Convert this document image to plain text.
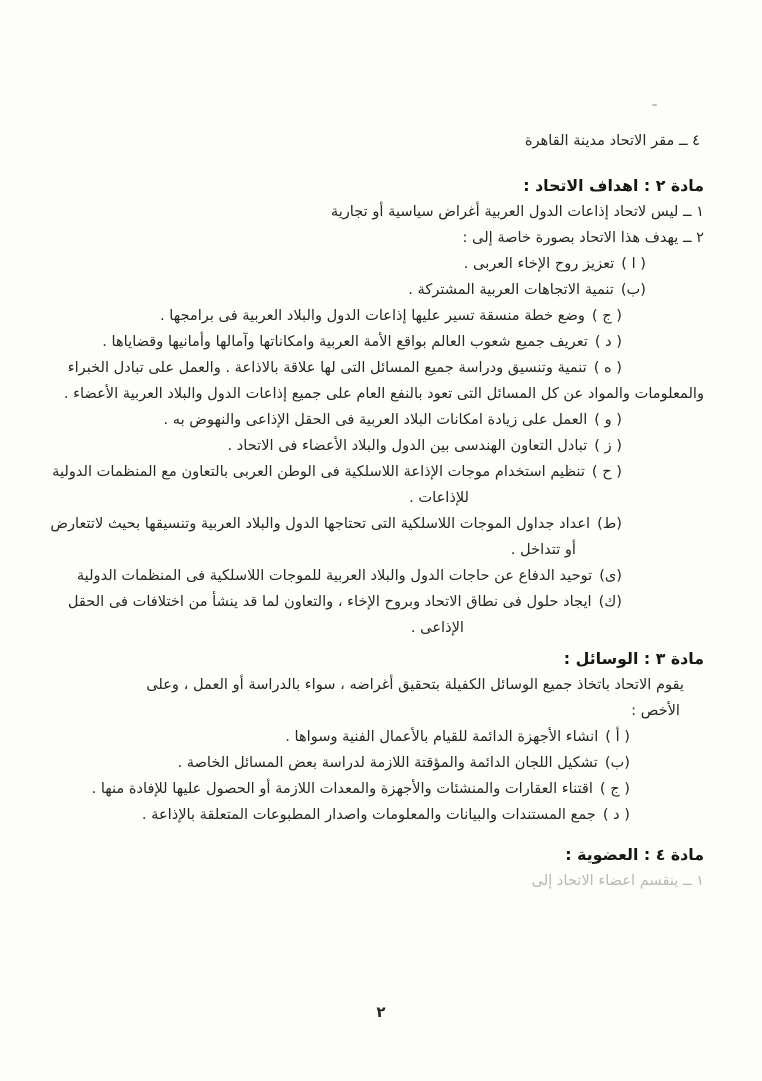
٤ ــ مقر الاتحاد مدينة القاهرة
مادة ٢ : اهداف الاتحاد :
١ ــ ليس لاتحاد إذاعات الدول العربية أغراض سياسية أو تجارية
٢ ــ يهدف هذا الاتحاد بصورة خاصة إلى :
( ا )تعزيز روح الإخاء العربى .
(ب)تنمية الاتجاهات العربية المشتركة .
( ج )وضع خطة منسقة تسير عليها إذاعات الدول والبلاد العربية فى برامجها .
( د )تعريف جميع شعوب العالم بواقع الأمة العربية وامكاناتها وآمالها وأمانيها وقضاياها .
( ه )تنمية وتنسيق ودراسة جميع المسائل التى لها علاقة بالاذاعة . والعمل على تبادل الخبراء
والمعلومات والمواد عن كل المسائل التى تعود بالنفع العام على جميع إذاعات الدول والبلاد العربية الأعضاء .
( و )العمل على زيادة امكانات البلاد العربية فى الحقل الإذاعى والنهوض به .
( ز )تبادل التعاون الهندسى بين الدول والبلاد الأعضاء فى الاتحاد .
( ح )تنظيم استخدام موجات الإذاعة اللاسلكية فى الوطن العربى بالتعاون مع المنظمات الدولية
للإذاعات .
(ط)اعداد جداول الموجات اللاسلكية التى تحتاجها الدول والبلاد العربية وتنسيقها بحيث لاتتعارض
أو تتداخل .
(ى)توحيد الدفاع عن حاجات الدول والبلاد العربية للموجات اللاسلكية فى المنظمات الدولية
(ك)ايجاد حلول فى نطاق الاتحاد وبروح الإخاء ، والتعاون لما قد ينشأ من اختلافات فى الحقل
الإذاعى .
مادة ٣ : الوسائل :
يقوم الاتحاد باتخاذ جميع الوسائل الكفيلة بتحقيق أغراضه ، سواء بالدراسة أو العمل ، وعلى
الأخص :
( أ )انشاء الأجهزة الدائمة للقيام بالأعمال الفنية وسواها .
(ب)تشكيل اللجان الدائمة والمؤقتة اللازمة لدراسة بعض المسائل الخاصة .
( ج )اقتناء العقارات والمنشئات والأجهزة والمعدات اللازمة أو الحصول عليها للإفادة منها .
( د )جمع المستندات والبيانات والمعلومات واصدار المطبوعات المتعلقة بالإذاعة .
مادة ٤ : العضوية :
١ ــ ينقسم اعضاء الاتحاد إلى
٢
